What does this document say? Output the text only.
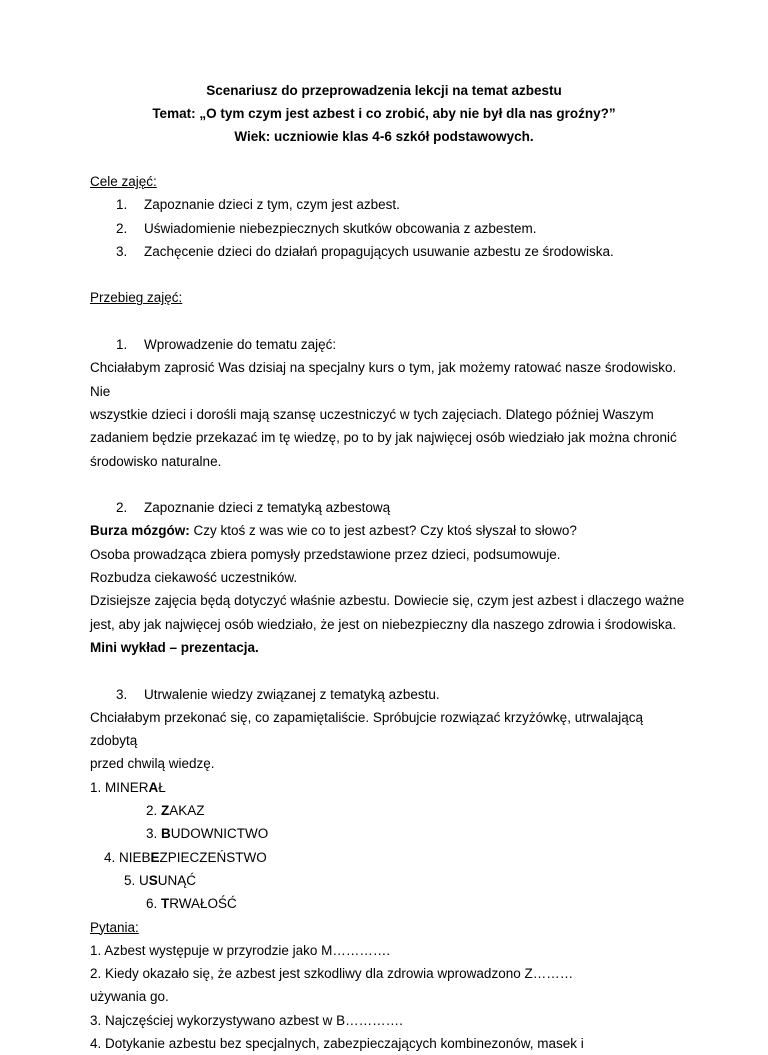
Scenariusz do przeprowadzenia lekcji na temat azbestu
Temat: „O tym czym jest azbest i co zrobić, aby nie był dla nas groźny?”
Wiek: uczniowie klas 4-6 szkół podstawowych.
Cele zajęć:
1. Zapoznanie dzieci z tym, czym jest azbest.
2. Uświadomienie niebezpiecznych skutków obcowania z azbestem.
3. Zachęcenie dzieci do działań propagujących usuwanie azbestu ze środowiska.
Przebieg zajęć:
1. Wprowadzenie do tematu zajęć:
Chciałabym zaprosić Was dzisiaj na specjalny kurs o tym, jak możemy ratować nasze środowisko. Nie
wszystkie dzieci i dorośli mają szansę uczestniczyć w tych zajęciach. Dlatego później Waszym
zadaniem będzie przekazać im tę wiedzę, po to by jak najwięcej osób wiedziało jak można chronić
środowisko naturalne.
2. Zapoznanie dzieci z tematyką azbestową
Burza mózgów: Czy ktoś z was wie co to jest azbest? Czy ktoś słyszał to słowo?
Osoba prowadząca zbiera pomysły przedstawione przez dzieci, podsumowuje.
Rozbudza ciekawość uczestników.
Dzisiejsze zajęcia będą dotyczyć właśnie azbestu. Dowiecie się, czym jest azbest i dlaczego ważne
jest, aby jak najwięcej osób wiedziało, że jest on niebezpieczny dla naszego zdrowia i środowiska.
Mini wykład – prezentacja.
3. Utrwalenie wiedzy związanej z tematyką azbestu.
Chciałabym przekonać się, co zapamiętaliście. Spróbujcie rozwiązać krzyżówkę, utrwalającą zdobytą
przed chwilą wiedzę.
1. MINERAŁ
2. ZAKAZ
3. BUDOWNICTWO
4. NIEBEZPIECZEŃSTWO
5. USUNĄĆ
6. TRWAŁOŚĆ
Pytania:
1. Azbest występuje w przyrodzie jako M………….
2. Kiedy okazało się, że azbest jest szkodliwy dla zdrowia wprowadzono Z………
używania go.
3. Najczęściej wykorzystywano azbest w B………….
4. Dotykanie azbestu bez specjalnych, zabezpieczających kombinezonów, masek i
